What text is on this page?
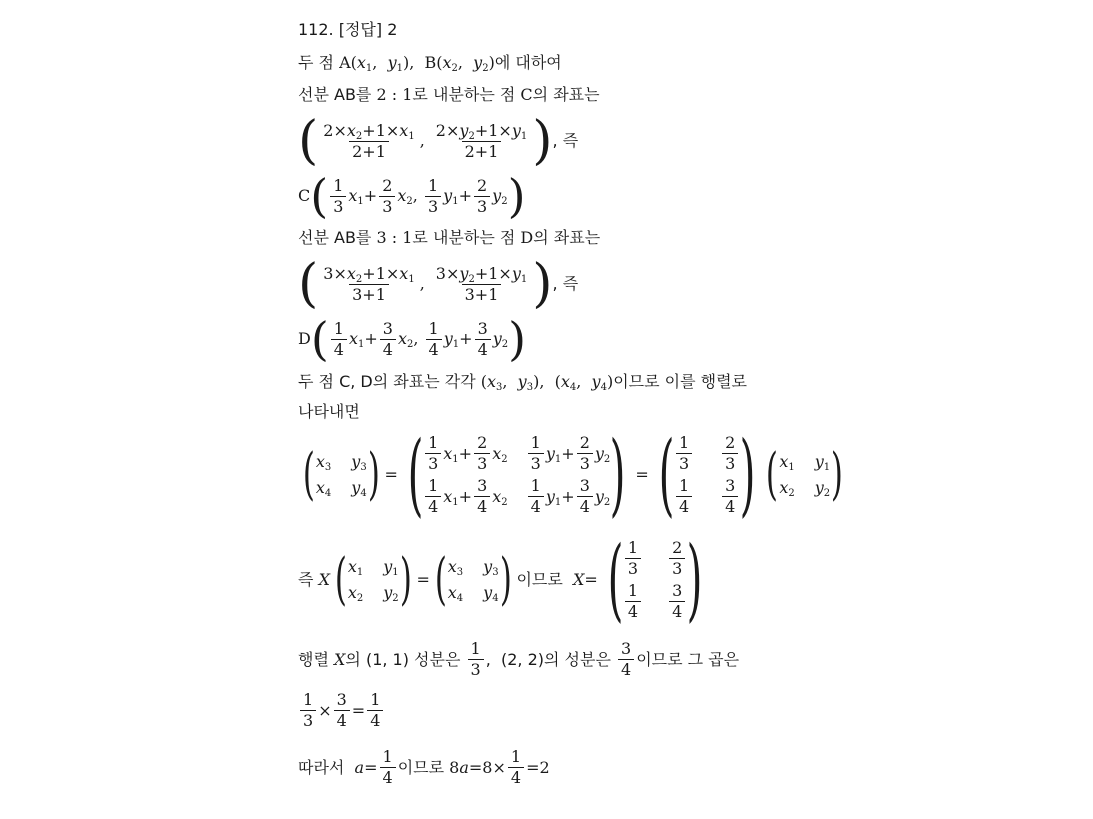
112. [정답] 2
두 점 $A(x_1$,  $y_1$),  $B(x_2$,  $y_2$)에 대하여
선분 AB를 2 : 1로 내분하는 점 C의 좌표는
( $\frac{2\times x_2+1\times x_1}{2+1}$ , $\frac{2\times y_2+1\times y_1}{2+1}$ ) , 즉
C ( $\frac{1}{3} x_1+ \frac{2}{3} x_2$, $\frac{1}{3} y_1+ \frac{2}{3} y_2$ )
선분 AB를 3 : 1로 내분하는 점 D의 좌표는
( $\frac{3\times x_2+1\times x_1}{3+1}$ , $\frac{3\times y_2+1\times y_1}{3+1}$ ) , 즉
D ( $\frac{1}{4} x_1+ \frac{3}{4} x_2$, $\frac{1}{4} y_1+ \frac{3}{4} y_2$ )
두 점 C, D의 좌표는 각각 ($x_3$,  $y_3$),  ($x_4$,  $y_4$)이므로 이를 행렬로
나타내면
( $x_3$ $y_3$
$x_4$ $y_4$ ) = ( $\frac{1}{3} x_1+ \frac{2}{3} x_2 \frac{1}{3} y_1+ \frac{2}{3} y_2$
$\frac{1}{4} x_1+ \frac{3}{4} x_2 \frac{1}{4} y_1+ \frac{3}{4} y_2$ ) = ( $\frac{1}{3} \frac{2}{3}$
$\frac{1}{4} \frac{3}{4}$ ) ( $x_1$ $y_1$
$x_2$ $y_2$ )
즉
X ( $x_1$ $y_1$
$x_2$ $y_2$ ) = ( $x_3$ $y_3$
$x_4$ $y_4$ ) 이므로
X = ( $\frac{1}{3} \frac{2}{3}$
$\frac{1}{4} \frac{3}{4}$ )
행렬
X 의 (1, 1) 성분은
$\frac{1}{3}$ , (2, 2)의 성분은
$\frac{3}{4}$ 이므로 그 곱은
$\frac{1}{3} \times \frac{3}{4} = \frac{1}{4}$
따라서
$a = \frac{1}{4}$ 이므로
$8a=8\times \frac{1}{4} =2$
